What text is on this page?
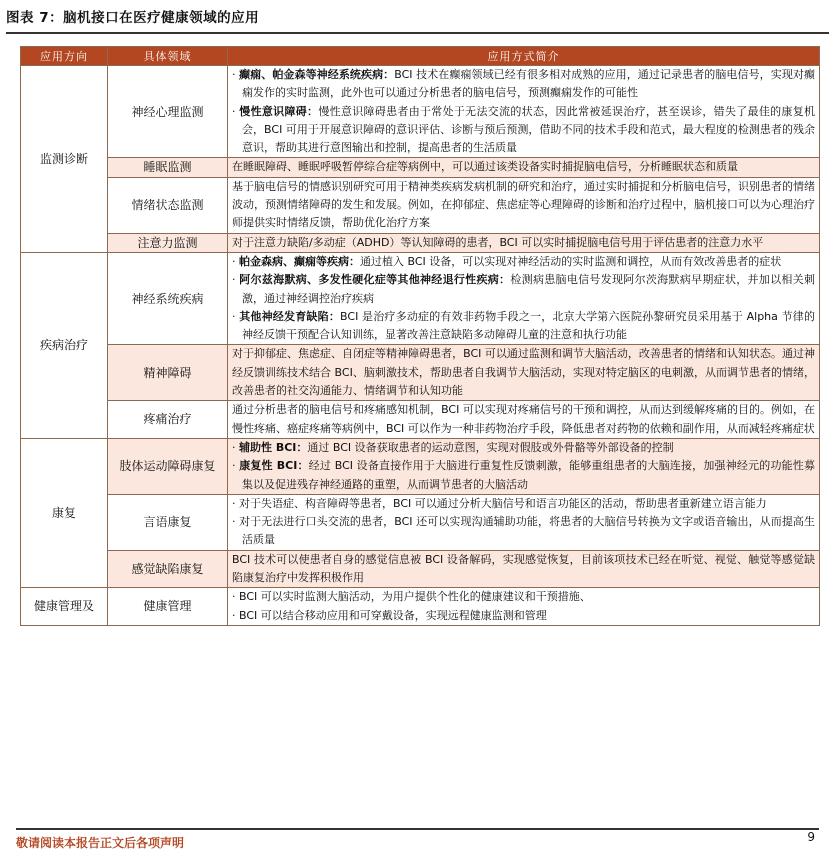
图表 7：脑机接口在医疗健康领域的应用
应用方向	具体领域	应用方式简介
监测诊断	神经心理监测	· 癫痫、帕金森等神经系统疾病：BCI 技术在癫痫领域已经有很多相对成熟的应用，通过记录患者的脑电信号，实现对癫痫发作的实时监测，此外也可以通过分析患者的脑电信号，预测癫痫发作的可能性
· 慢性意识障碍：慢性意识障碍患者由于常处于无法交流的状态，因此常被延误治疗，甚至误诊，错失了最佳的康复机会，BCI 可用于开展意识障碍的意识评估、诊断与预后预测，借助不同的技术手段和范式，最大程度的检测患者的残余意识，帮助其进行意图输出和控制，提高患者的生活质量

	睡眠监测	在睡眠障碍、睡眠呼吸暂停综合症等病例中，可以通过该类设备实时捕捉脑电信号，分析睡眠状态和质量
	情绪状态监测	基于脑电信号的情感识别研究可用于精神类疾病发病机制的研究和治疗，通过实时捕捉和分析脑电信号，识别患者的情绪波动，预测情绪障碍的发生和发展。例如，在抑郁症、焦虑症等心理障碍的诊断和治疗过程中，脑机接口可以为心理治疗师提供实时情绪反馈，帮助优化治疗方案
	注意力监测	对于注意力缺陷/多动症（ADHD）等认知障碍的患者，BCI 可以实时捕捉脑电信号用于评估患者的注意力水平
疾病治疗	神经系统疾病	· 帕金森病、癫痫等疾病：通过植入 BCI 设备，可以实现对神经活动的实时监测和调控，从而有效改善患者的症状
· 阿尔兹海默病、多发性硬化症等其他神经退行性疾病：检测病患脑电信号发现阿尔茨海默病早期症状，并加以相关刺激，通过神经调控治疗疾病
· 其他神经发育缺陷：BCI 是治疗多动症的有效非药物手段之一，北京大学第六医院孙黎研究员采用基于 Alpha 节律的神经反馈干预配合认知训练，显著改善注意缺陷多动障碍儿童的注意和执行功能

	精神障碍	对于抑郁症、焦虑症、自闭症等精神障碍患者，BCI 可以通过监测和调节大脑活动，改善患者的情绪和认知状态。通过神经反馈训练技术结合 BCI、脑刺激技术，帮助患者自我调节大脑活动，实现对特定脑区的电刺激，从而调节患者的情绪，改善患者的社交沟通能力、情绪调节和认知功能
	疼痛治疗	通过分析患者的脑电信号和疼痛感知机制，BCI 可以实现对疼痛信号的干预和调控，从而达到缓解疼痛的目的。例如，在慢性疼痛、癌症疼痛等病例中，BCI 可以作为一种非药物治疗手段，降低患者对药物的依赖和副作用，从而减轻疼痛症状
康复	肢体运动障碍康复	· 辅助性 BCI：通过 BCI 设备获取患者的运动意图，实现对假肢或外骨骼等外部设备的控制
· 康复性 BCI：经过 BCI 设备直接作用于大脑进行重复性反馈刺激，能够重组患者的大脑连接，加强神经元的功能性募集以及促进残存神经通路的重塑，从而调节患者的大脑活动

	言语康复	· 对于失语症、构音障碍等患者，BCI 可以通过分析大脑信号和语言功能区的活动，帮助患者重新建立语言能力
· 对于无法进行口头交流的患者，BCI 还可以实现沟通辅助功能，将患者的大脑信号转换为文字或语音输出，从而提高生活质量

	感觉缺陷康复	BCI 技术可以使患者自身的感觉信息被 BCI 设备解码，实现感觉恢复，目前该项技术已经在听觉、视觉、触觉等感觉缺陷康复治疗中发挥积极作用
健康管理及	健康管理	· BCI 可以实时监测大脑活动，为用户提供个性化的健康建议和干预措施、
· BCI 可以结合移动应用和可穿戴设备，实现远程健康监测和管理
敬请阅读本报告正文后各项声明	9
